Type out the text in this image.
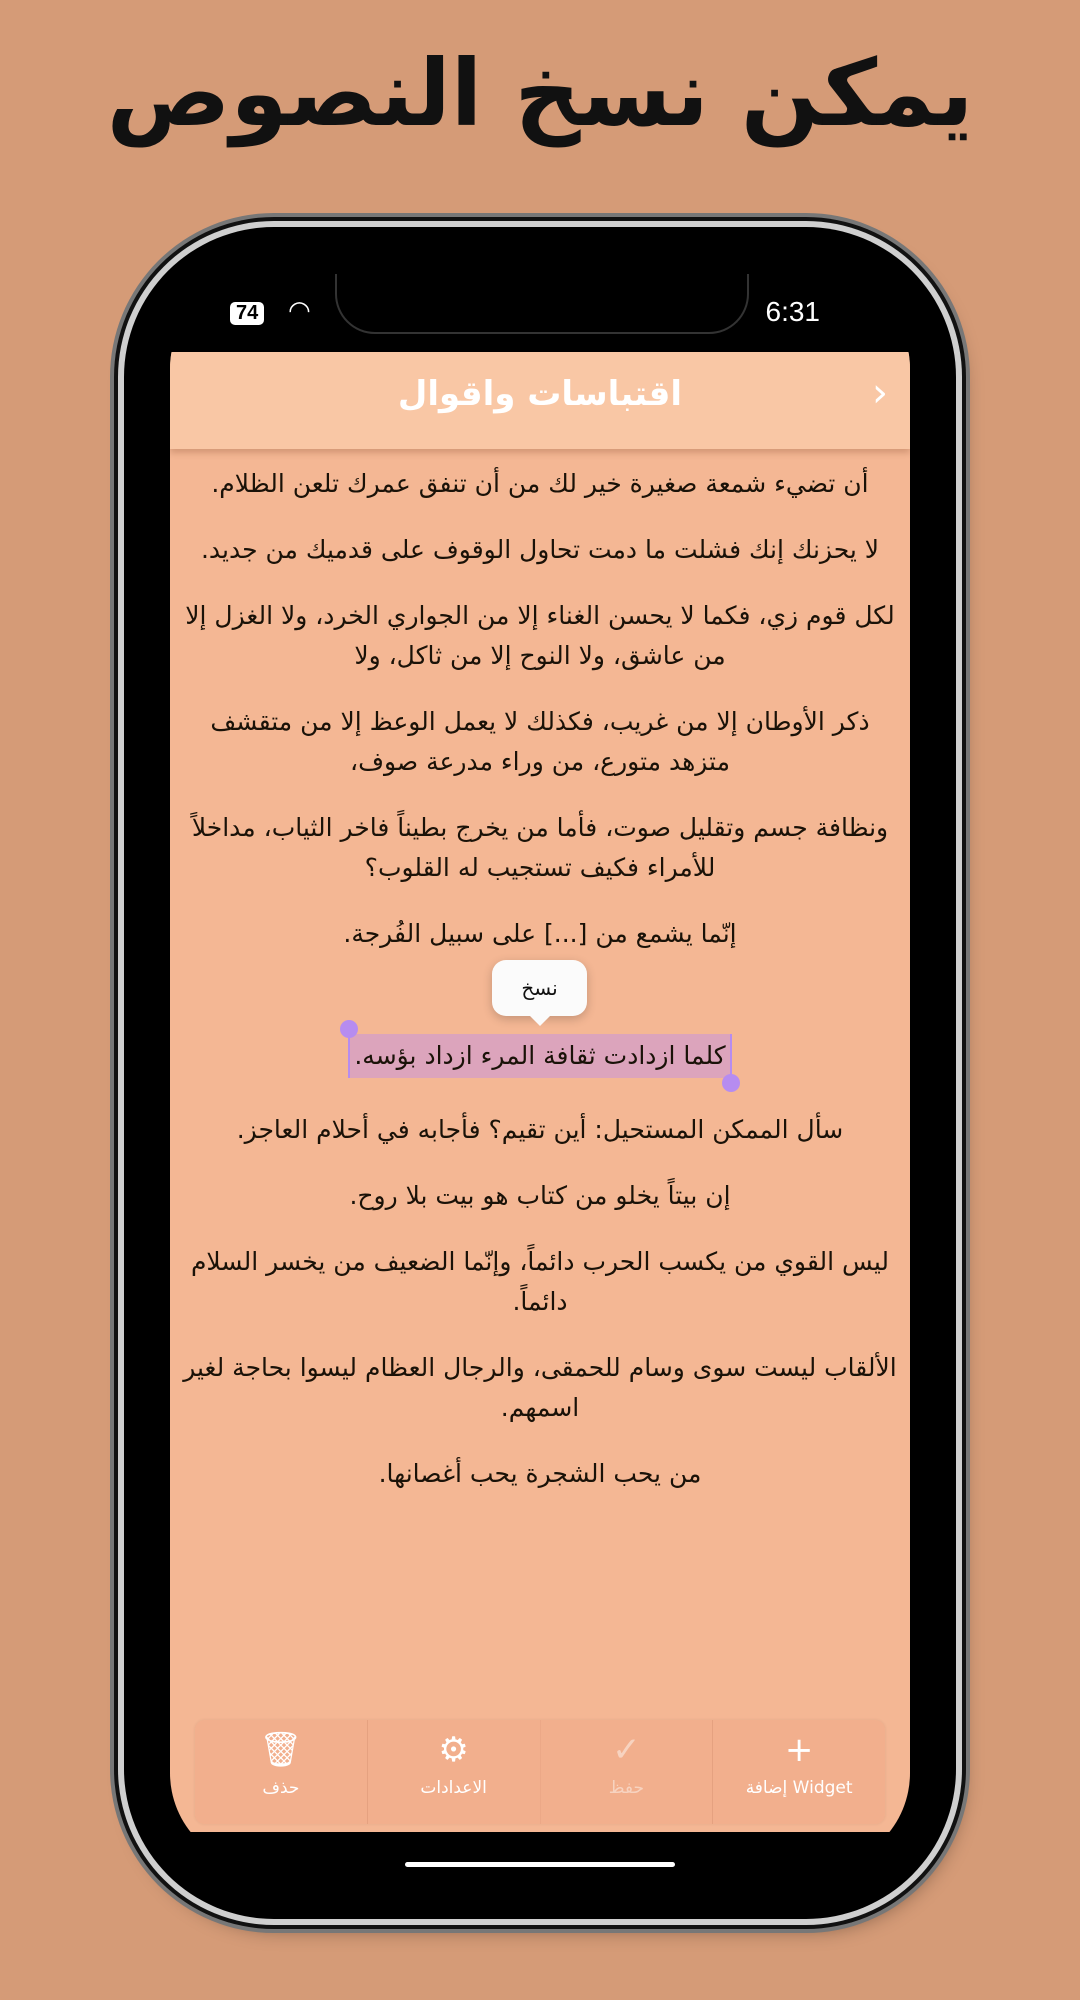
يمكن نسخ النصوص
74 ◠	6:31
اقتباسات واقوال	›
أن تضيء شمعة صغيرة خير لك من أن تنفق عمرك تلعن الظلام.
لا يحزنك إنك فشلت ما دمت تحاول الوقوف على قدميك من جديد.
لكل قوم زي، فكما لا يحسن الغناء إلا من الجواري الخرد، ولا الغزل إلا من عاشق، ولا النوح إلا من ثاكل، ولا
ذكر الأوطان إلا من غريب، فكذلك لا يعمل الوعظ إلا من متقشف متزهد متورع، من وراء مدرعة صوف،
ونظافة جسم وتقليل صوت، فأما من يخرج بطيناً فاخر الثياب، مداخلاً للأمراء فكيف تستجيب له القلوب؟
إنّما يشمع من [...] على سبيل الفُرجة.
نسخ
كلما ازدادت ثقافة المرء ازداد بؤسه.
سأل الممكن المستحيل: أين تقيم؟ فأجابه في أحلام العاجز.
إن بيتاً يخلو من كتاب هو بيت بلا روح.
ليس القوي من يكسب الحرب دائماً، وإنّما الضعيف من يخسر السلام دائماً.
الألقاب ليست سوى وسام للحمقى، والرجال العظام ليسوا بحاجة لغير اسمهم.
من يحب الشجرة يحب أغصانها.
+
إضافة Widget
✓
حفظ
⚙
الاعدادات
🗑
حذف
